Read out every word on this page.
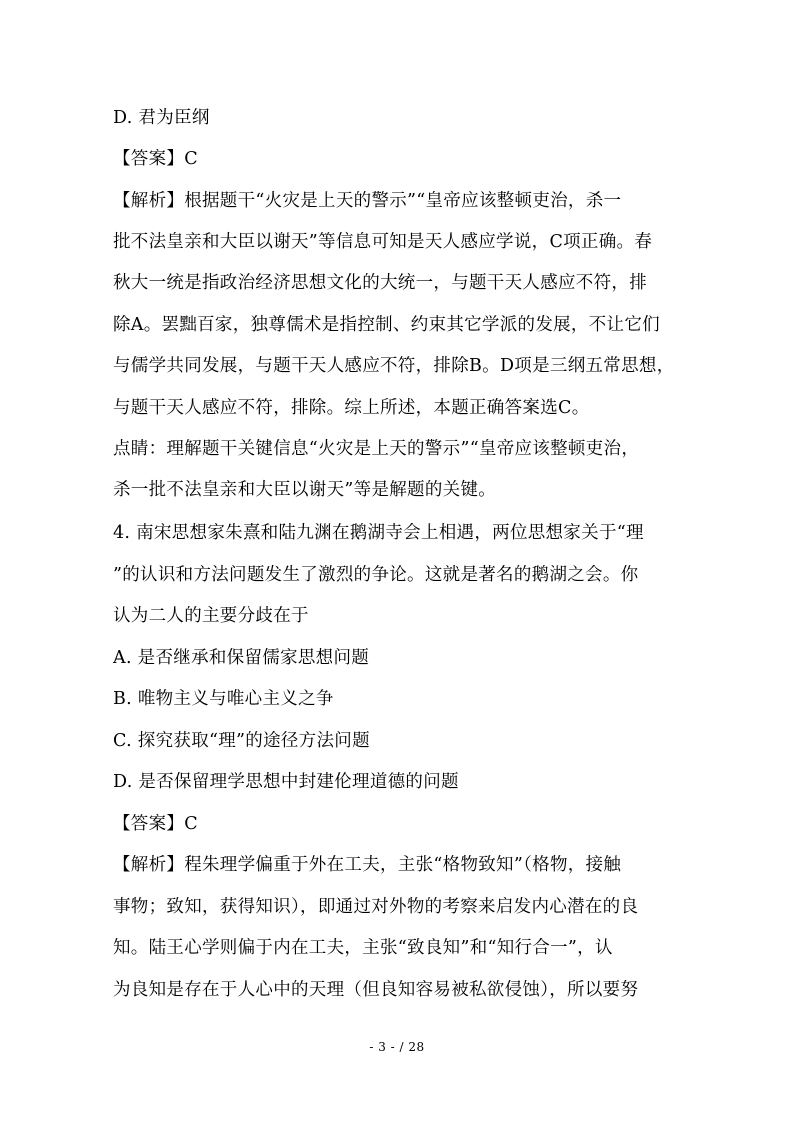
D. 君为臣纲
【答案】C
【解析】根据题干“火灾是上天的警示”“皇帝应该整顿吏治，杀一
批不法皇亲和大臣以谢天”等信息可知是天人感应学说，C项正确。春
秋大一统是指政治经济思想文化的大统一，与题干天人感应不符，排
除A。罢黜百家，独尊儒术是指控制、约束其它学派的发展，不让它们
与儒学共同发展，与题干天人感应不符，排除B。D项是三纲五常思想，
与题干天人感应不符，排除。综上所述，本题正确答案选C。
点睛：理解题干关键信息“火灾是上天的警示”“皇帝应该整顿吏治，
杀一批不法皇亲和大臣以谢天”等是解题的关键。
4. 南宋思想家朱熹和陆九渊在鹅湖寺会上相遇，两位思想家关于“理
”的认识和方法问题发生了激烈的争论。这就是著名的鹅湖之会。你
认为二人的主要分歧在于
A. 是否继承和保留儒家思想问题
B. 唯物主义与唯心主义之争
C. 探究获取“理”的途径方法问题
D. 是否保留理学思想中封建伦理道德的问题
【答案】C
【解析】程朱理学偏重于外在工夫，主张“格物致知”（格物，接触
事物；致知，获得知识），即通过对外物的考察来启发内心潜在的良
知。陆王心学则偏于内在工夫，主张“致良知”和“知行合一”，认
为良知是存在于人心中的天理（但良知容易被私欲侵蚀），所以要努
- 3 - / 28
